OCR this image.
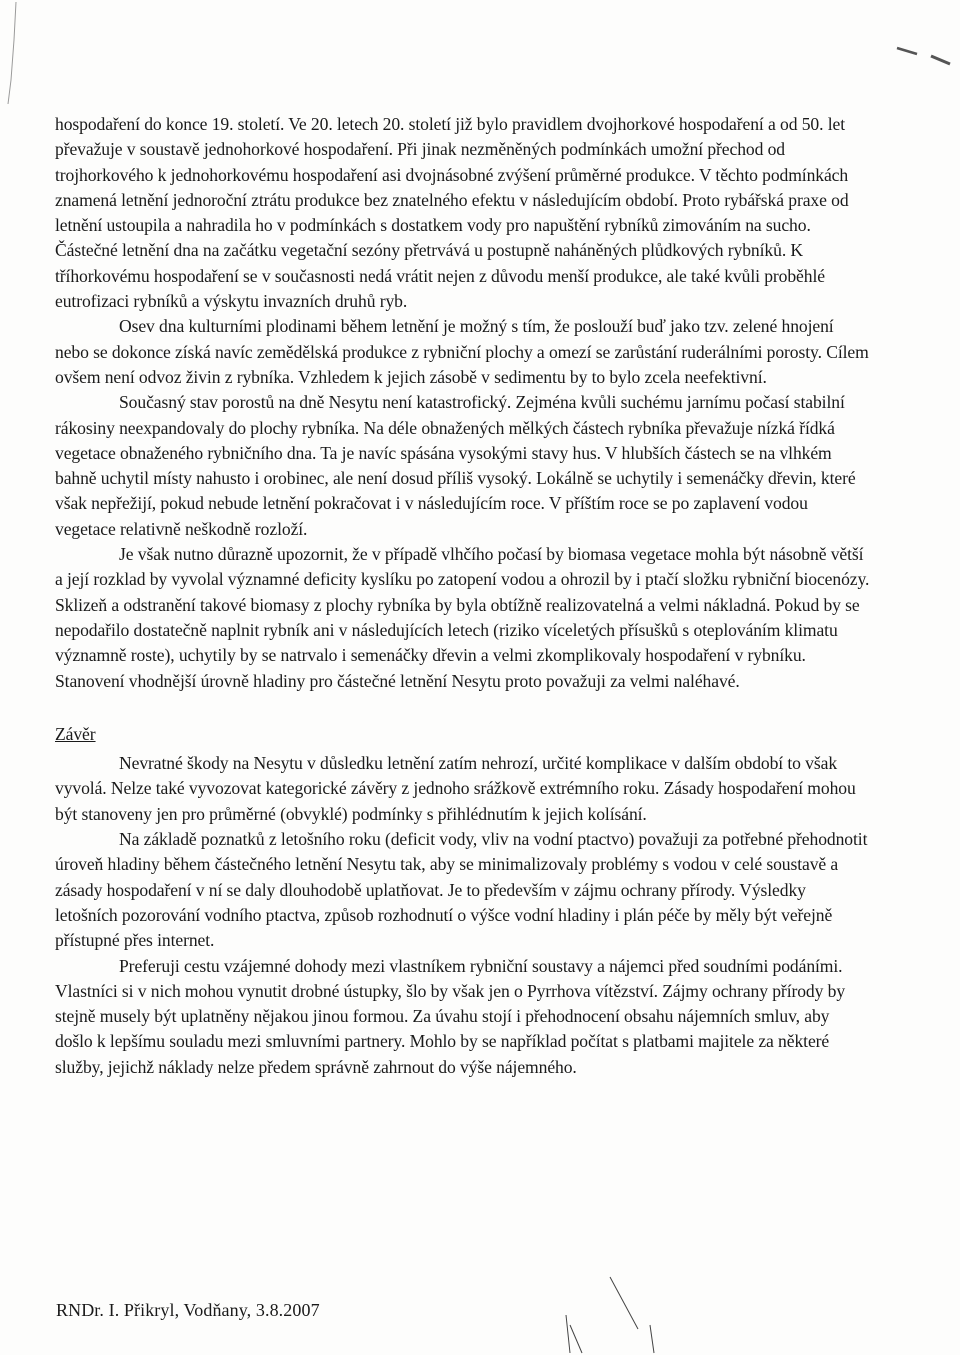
hospodaření do konce 19. století. Ve 20. letech 20. století již bylo pravidlem dvojhorkové hospodaření a od 50. let převažuje v soustavě jednohorkové hospodaření. Při jinak nezměněných podmínkách umožní přechod od trojhorkového k jednohorkovému hospodaření asi dvojnásobné zvýšení průměrné produkce. V těchto podmínkách znamená letnění jednoroční ztrátu produkce bez znatelného efektu v následujícím období. Proto rybářská praxe od letnění ustoupila a nahradila ho v podmínkách s dostatkem vody pro napuštění rybníků zimováním na sucho. Částečné letnění dna na začátku vegetační sezóny přetrvává u postupně naháněných plůdkových rybníků. K tříhorkovému hospodaření se v současnosti nedá vrátit nejen z důvodu menší produkce, ale také kvůli proběhlé eutrofizaci rybníků a výskytu invazních druhů ryb.

Osev dna kulturními plodinami během letnění je možný s tím, že poslouží buď jako tzv. zelené hnojení nebo se dokonce získá navíc zemědělská produkce z rybniční plochy a omezí se zarůstání ruderálními porosty. Cílem ovšem není odvoz živin z rybníka. Vzhledem k jejich zásobě v sedimentu by to bylo zcela neefektivní.

Současný stav porostů na dně Nesytu není katastrofický. Zejména kvůli suchému jarnímu počasí stabilní rákosiny neexpandovaly do plochy rybníka. Na déle obnažených mělkých částech rybníka převažuje nízká řídká vegetace obnaženého rybničního dna. Ta je navíc spásána vysokými stavy hus. V hlubších částech se na vlhkém bahně uchytil místy nahusto i orobinec, ale není dosud příliš vysoký. Lokálně se uchytily i semenáčky dřevin, které však nepřežijí, pokud nebude letnění pokračovat i v následujícím roce. V příštím roce se po zaplavení vodou vegetace relativně neškodně rozloží.

Je však nutno důrazně upozornit, že v případě vlhčího počasí by biomasa vegetace mohla být násobně větší a její rozklad by vyvolal významné deficity kyslíku po zatopení vodou a ohrozil by i ptačí složku rybniční biocenózy. Sklizeň a odstranění takové biomasy z plochy rybníka by byla obtížně realizovatelná a velmi nákladná. Pokud by se nepodařilo dostatečně naplnit rybník ani v následujících letech (riziko víceletých přísušků s oteplováním klimatu významně roste), uchytily by se natrvalo i semenáčky dřevin a velmi zkomplikovaly hospodaření v rybníku. Stanovení vhodnější úrovně hladiny pro částečné letnění Nesytu proto považuji za velmi naléhavé.

Závěr

Nevratné škody na Nesytu v důsledku letnění zatím nehrozí, určité komplikace v dalším období to však vyvolá. Nelze také vyvozovat kategorické závěry z jednoho srážkově extrémního roku. Zásady hospodaření mohou být stanoveny jen pro průměrné (obvyklé) podmínky s přihlédnutím k jejich kolísání.

Na základě poznatků z letošního roku (deficit vody, vliv na vodní ptactvo) považuji za potřebné přehodnotit úroveň hladiny během částečného letnění Nesytu tak, aby se minimalizovaly problémy s vodou v celé soustavě a zásady hospodaření v ní se daly dlouhodobě uplatňovat. Je to především v zájmu ochrany přírody. Výsledky letošních pozorování vodního ptactva, způsob rozhodnutí o výšce vodní hladiny i plán péče by měly být veřejně přístupné přes internet.

Preferuji cestu vzájemné dohody mezi vlastníkem rybniční soustavy a nájemci před soudními podáními. Vlastníci si v nich mohou vynutit drobné ústupky, šlo by však jen o Pyrrhova vítězství. Zájmy ochrany přírody by stejně musely být uplatněny nějakou jinou formou. Za úvahu stojí i přehodnocení obsahu nájemních smluv, aby došlo k lepšímu souladu mezi smluvními partnery. Mohlo by se například počítat s platbami majitele za některé služby, jejichž náklady nelze předem správně zahrnout do výše nájemného.

RNDr. I. Přikryl, Vodňany, 3.8.2007
